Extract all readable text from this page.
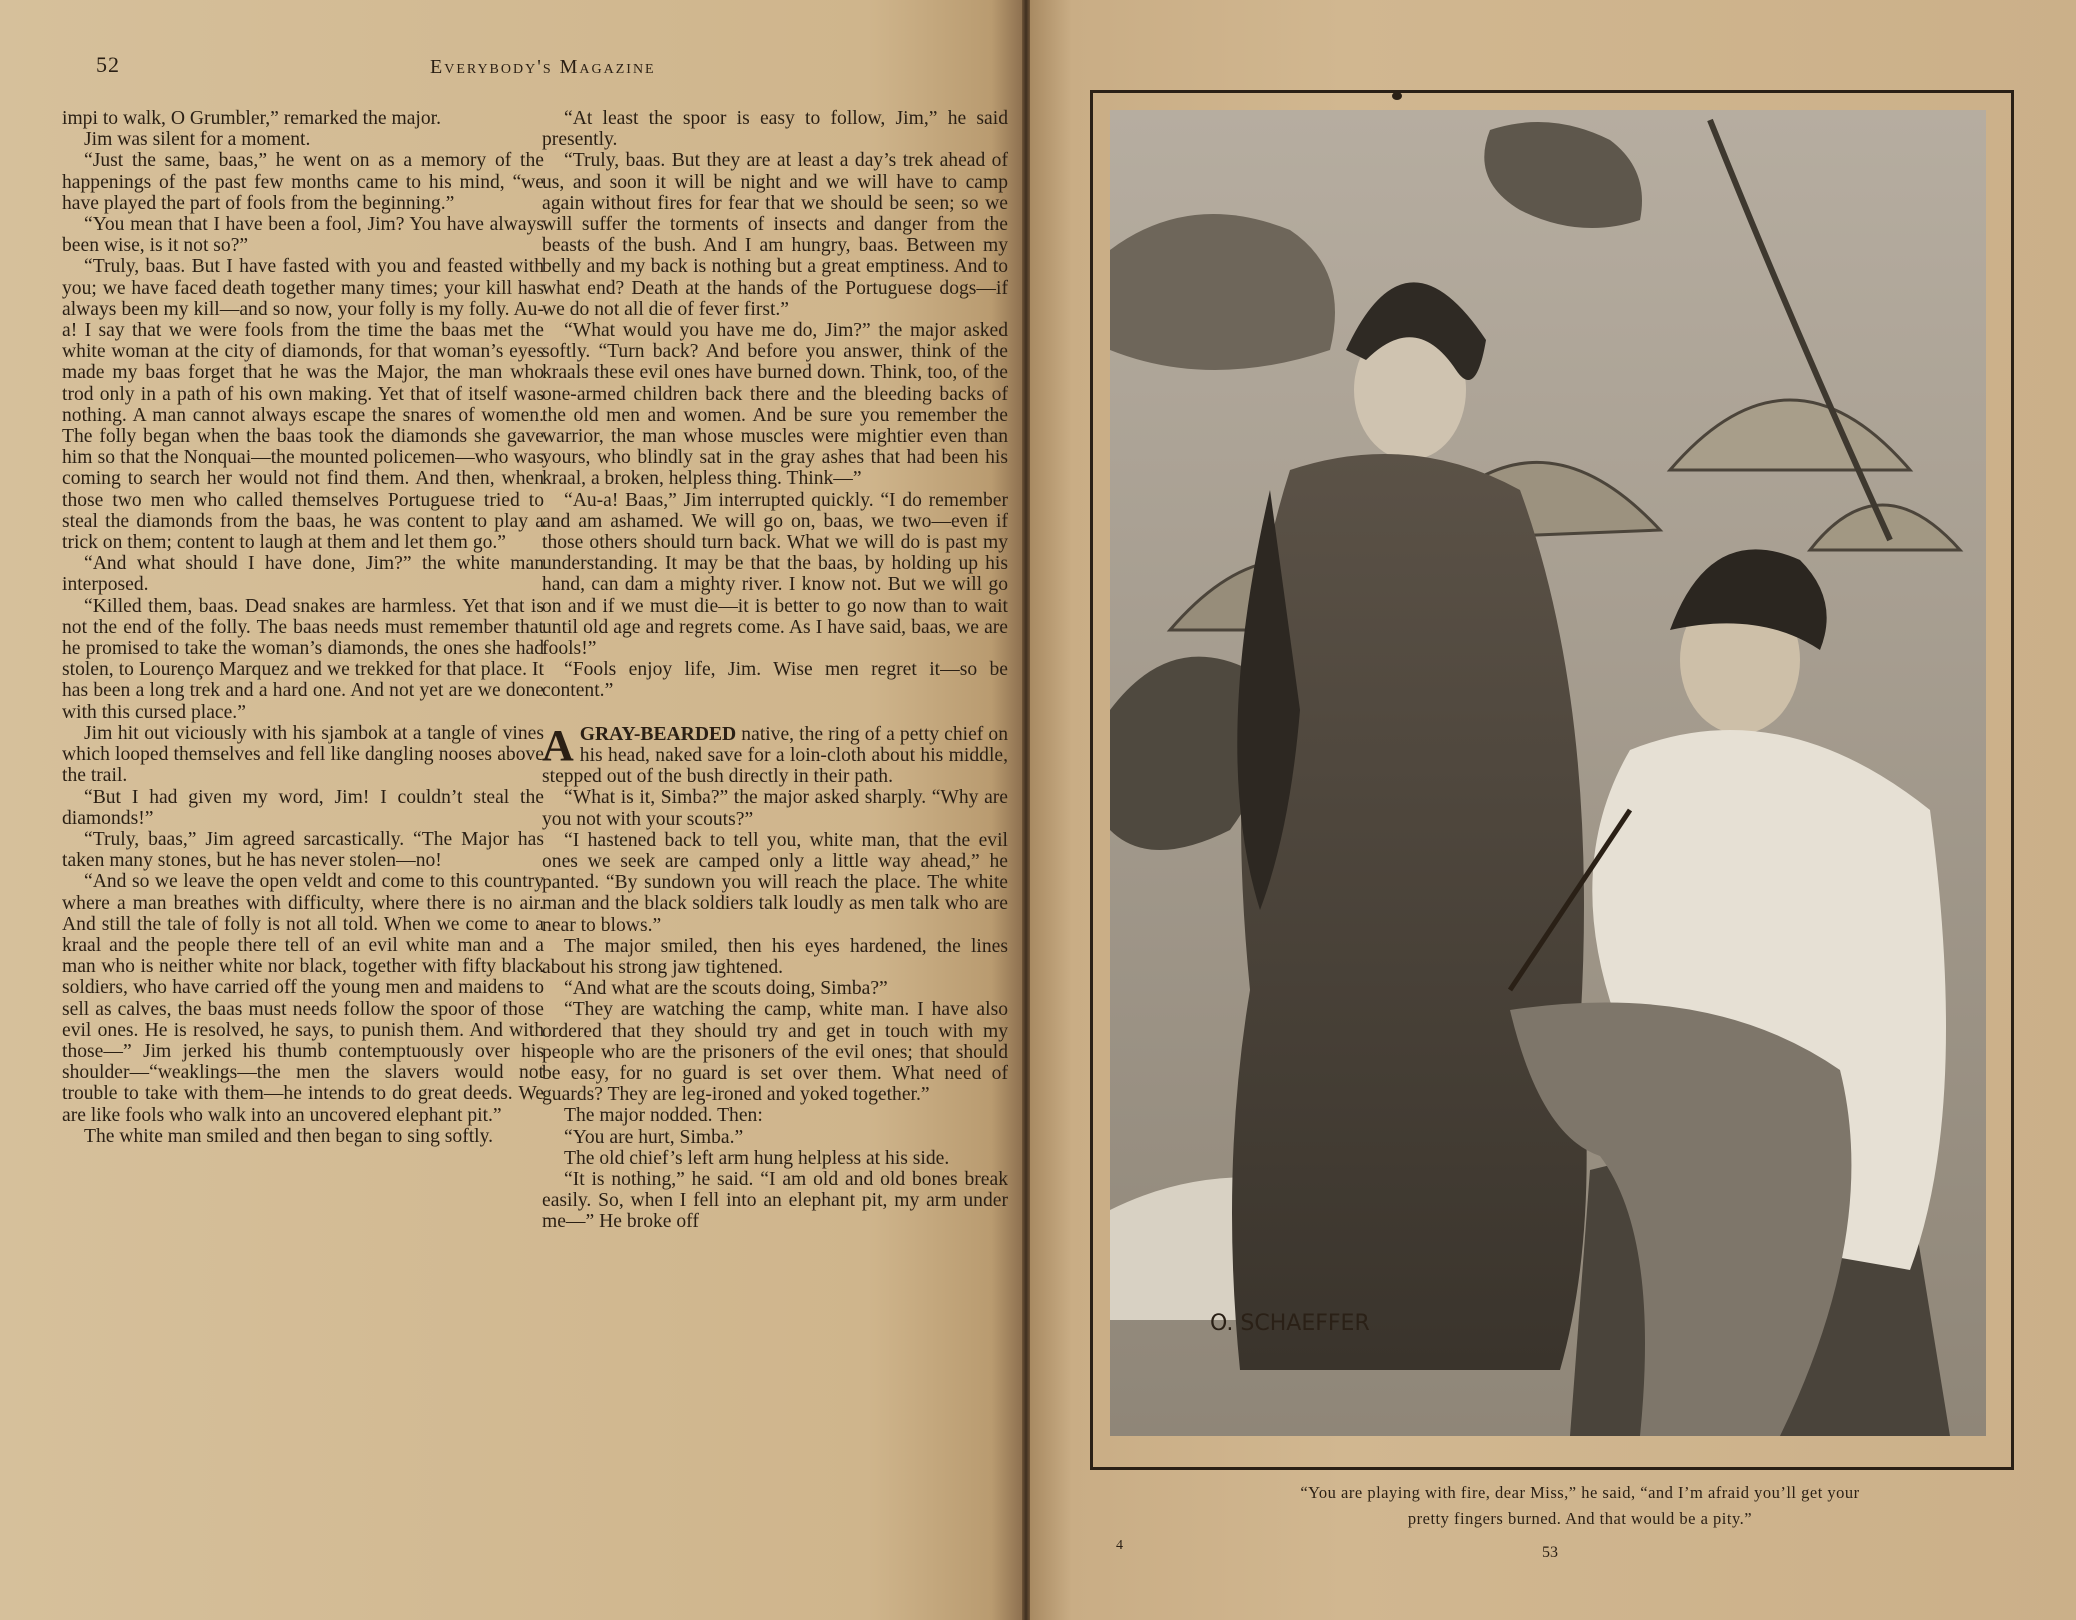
52	Everybody's Magazine

impi to walk, O Grumbler,” remarked the major.

Jim was silent for a moment.

“Just the same, baas,” he went on as a memory of the happenings of the past few months came to his mind, “we have played the part of fools from the beginning.”

“You mean that I have been a fool, Jim? You have always been wise, is it not so?”

“Truly, baas. But I have fasted with you and feasted with you; we have faced death together many times; your kill has always been my kill—and so now, your folly is my folly. Au-a! I say that we were fools from the time the baas met the white woman at the city of diamonds, for that woman’s eyes made my baas forget that he was the Major, the man who trod only in a path of his own making. Yet that of itself was nothing. A man cannot always escape the snares of women. The folly began when the baas took the diamonds she gave him so that the Nonquai—the mounted policemen—who was coming to search her would not find them. And then, when those two men who called themselves Portuguese tried to steal the diamonds from the baas, he was content to play a trick on them; content to laugh at them and let them go.”

“And what should I have done, Jim?” the white man interposed.

“Killed them, baas. Dead snakes are harmless. Yet that is not the end of the folly. The baas needs must remember that he promised to take the woman’s diamonds, the ones she had stolen, to Lourenço Marquez and we trekked for that place. It has been a long trek and a hard one. And not yet are we done with this cursed place.”

Jim hit out viciously with his sjambok at a tangle of vines which looped themselves and fell like dangling nooses above the trail.

“But I had given my word, Jim! I couldn’t steal the diamonds!”

“Truly, baas,” Jim agreed sarcastically. “The Major has taken many stones, but he has never stolen—no!

“And so we leave the open veldt and come to this country where a man breathes with difficulty, where there is no air. And still the tale of folly is not all told. When we come to a kraal and the people there tell of an evil white man and a man who is neither white nor black, together with fifty black soldiers, who have carried off the young men and maidens to sell as calves, the baas must needs follow the spoor of those evil ones. He is resolved, he says, to punish them. And with those—” Jim jerked his thumb contemptuously over his shoulder—“weaklings—the men the slavers would not trouble to take with them—he intends to do great deeds. We are like fools who walk into an uncovered elephant pit.”

The white man smiled and then began to sing softly.

“At least the spoor is easy to follow, Jim,” he said presently.

“Truly, baas. But they are at least a day’s trek ahead of us, and soon it will be night and we will have to camp again without fires for fear that we should be seen; so we will suffer the torments of insects and danger from the beasts of the bush. And I am hungry, baas. Between my belly and my back is nothing but a great emptiness. And to what end? Death at the hands of the Portuguese dogs—if we do not all die of fever first.”

“What would you have me do, Jim?” the major asked softly. “Turn back? And before you answer, think of the kraals these evil ones have burned down. Think, too, of the one-armed children back there and the bleeding backs of the old men and women. And be sure you remember the warrior, the man whose muscles were mightier even than yours, who blindly sat in the gray ashes that had been his kraal, a broken, helpless thing. Think—”

“Au-a! Baas,” Jim interrupted quickly. “I do remember and am ashamed. We will go on, baas, we two—even if those others should turn back. What we will do is past my understanding. It may be that the baas, by holding up his hand, can dam a mighty river. I know not. But we will go on and if we must die—it is better to go now than to wait until old age and regrets come. As I have said, baas, we are fools!”

“Fools enjoy life, Jim. Wise men regret it—so be content.”

AGRAY-BEARDED native, the ring of a petty chief on his head, naked save for a loin-cloth about his middle, stepped out of the bush directly in their path.

“What is it, Simba?” the major asked sharply. “Why are you not with your scouts?”

“I hastened back to tell you, white man, that the evil ones we seek are camped only a little way ahead,” he panted. “By sundown you will reach the place. The white man and the black soldiers talk loudly as men talk who are near to blows.”

The major smiled, then his eyes hardened, the lines about his strong jaw tightened.

“And what are the scouts doing, Simba?”

“They are watching the camp, white man. I have also ordered that they should try and get in touch with my people who are the prisoners of the evil ones; that should be easy, for no guard is set over them. What need of guards? They are leg-ironed and yoked together.”

The major nodded. Then:

“You are hurt, Simba.”

The old chief’s left arm hung helpless at his side.

“It is nothing,” he said. “I am old and old bones break easily. So, when I fell into an elephant pit, my arm under me—” He broke off

O. SCHAEFFER
“You are playing with fire, dear Miss,” he said, “and I’m afraid you’ll get your
pretty fingers burned. And that would be a pity.”
4	53
